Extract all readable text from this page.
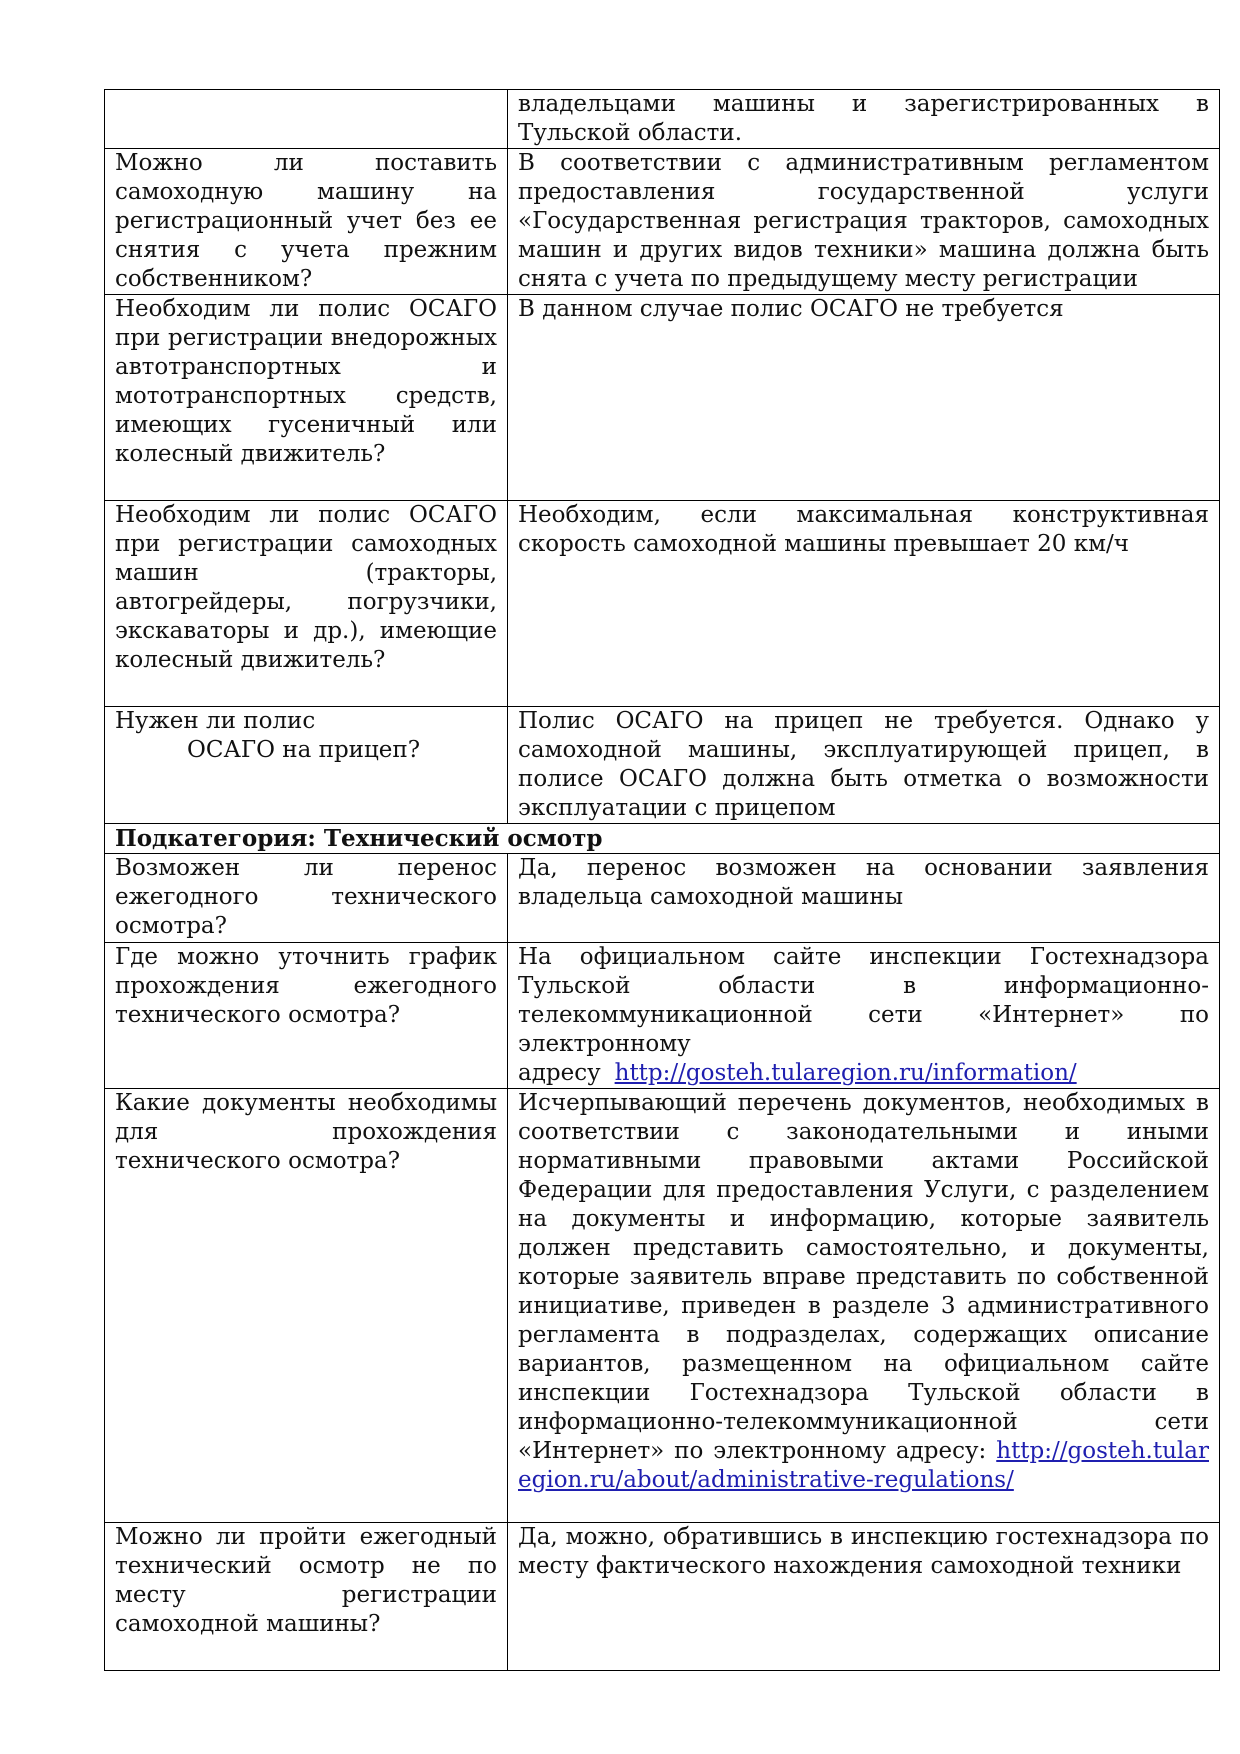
	владельцами машины и зарегистрированных в Тульской области.
Можно ли поставить самоходную машину на регистрационный учет без ее снятия с учета прежним собственником?	В соответствии с административным регламентом предоставления государственной услуги «Государственная регистрация тракторов, самоходных машин и других видов техники» машина должна быть снята с учета по предыдущему месту регистрации
Необходим ли полис ОСАГО при регистрации внедорожных автотранспортных и мототранспортных средств, имеющих гусеничный или колесный движитель?	В данном случае полис ОСАГО не требуется
Необходим ли полис ОСАГО при регистрации самоходных машин (тракторы, автогрейдеры, погрузчики, экскаваторы и др.), имеющие колесный движитель?	Необходим, если максимальная конструктивная скорость самоходной машины превышает 20 км/ч
Нужен ли полис
ОСАГО на прицеп?	Полис ОСАГО на прицеп не требуется. Однако у самоходной машины, эксплуатирующей прицеп, в полисе ОСАГО должна быть отметка о возможности эксплуатации с прицепом
Подкатегория: Технический осмотр	
Возможен ли перенос ежегодного технического осмотра?	Да, перенос возможен на основании заявления владельца самоходной машины
Где можно уточнить график прохождения ежегодного технического осмотра?	На официальном сайте инспекции Гостехнадзора Тульской области в информационно-телекоммуникационной сети «Интернет» по электронному
адресу http://gosteh.tularegion.ru/information/
Какие документы необходимы для прохождения технического осмотра?	Исчерпывающий перечень документов, необходимых в соответствии с законодательными и иными нормативными правовыми актами Российской Федерации для предоставления Услуги, с разделением на документы и информацию, которые заявитель должен представить самостоятельно, и документы, которые заявитель вправе представить по собственной инициативе, приведен в разделе 3 административного регламента в подразделах, содержащих описание вариантов, размещенном на официальном сайте инспекции Гостехнадзора Тульской области в информационно-телекоммуникационной сети «Интернет» по электронному адресу: http://gosteh.tularegion.ru/about/administrative-regulations/
Можно ли пройти ежегодный технический осмотр не по месту регистрации самоходной машины?	Да, можно, обратившись в инспекцию гостехнадзора по месту фактического нахождения самоходной техники
